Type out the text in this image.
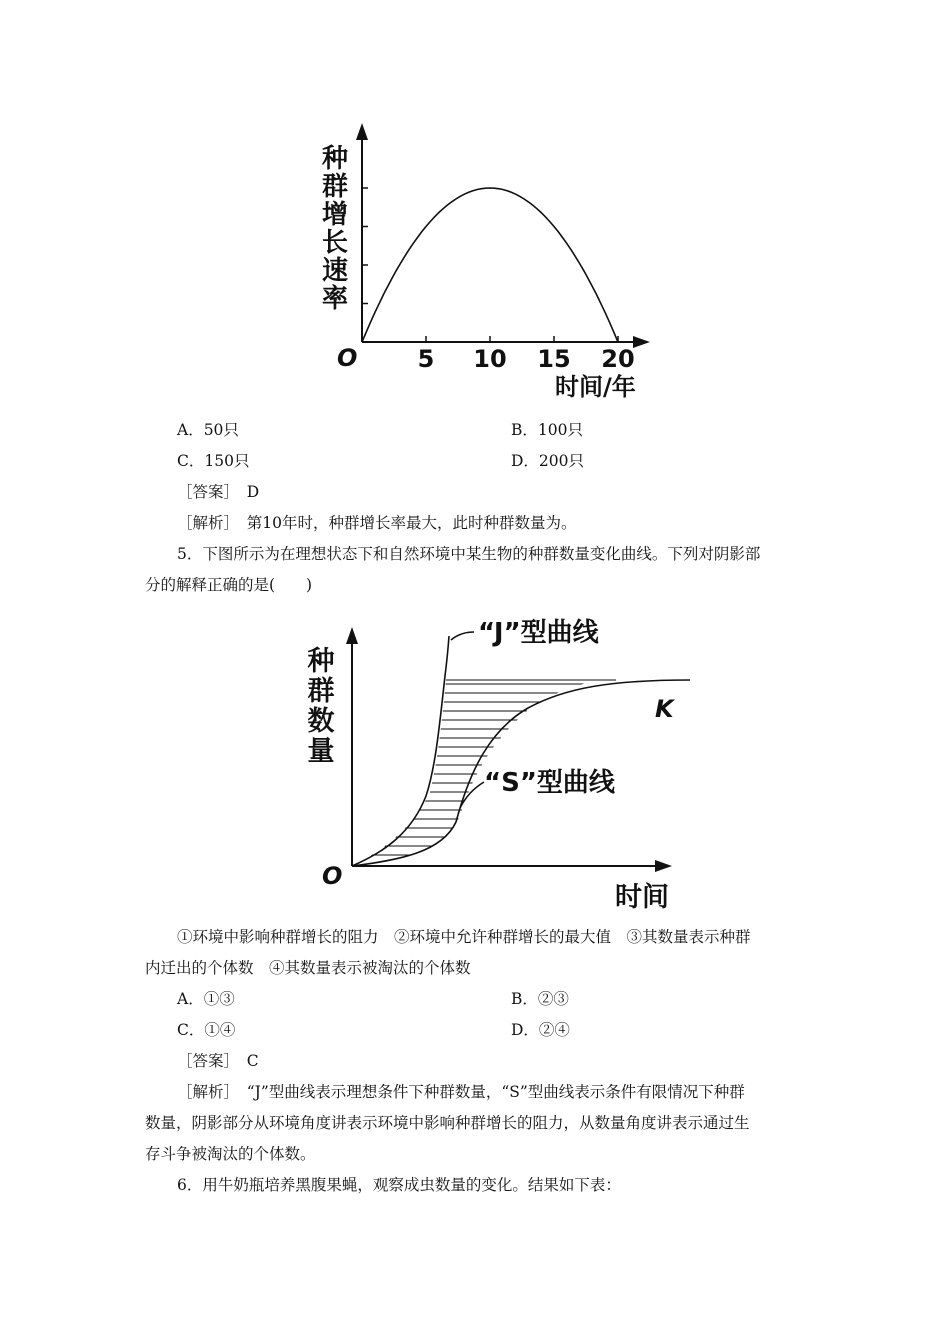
5 10 15 20
种
群
增
长
速
率
O
时间/年
A．50只	B．100只
C．150只	D．200只
［答案］　D
［解析］　第10年时，种群增长率最大，此时种群数量为。
5．下图所示为在理想状态下和自然环境中某生物的种群数量变化曲线。下列对阴影部
分的解释正确的是(　　)
“J”型曲线
“S”型曲线
K
种
群
数
量
O
时间
①环境中影响种群增长的阻力　②环境中允许种群增长的最大值　③其数量表示种群
内迁出的个体数　④其数量表示被淘汰的个体数
A．①③	B．②③
C．①④	D．②④
［答案］　C
［解析］　“J”型曲线表示理想条件下种群数量，“S”型曲线表示条件有限情况下种群
数量，阴影部分从环境角度讲表示环境中影响种群增长的阻力，从数量角度讲表示通过生
存斗争被淘汰的个体数。
6．用牛奶瓶培养黑腹果蝇，观察成虫数量的变化。结果如下表：
